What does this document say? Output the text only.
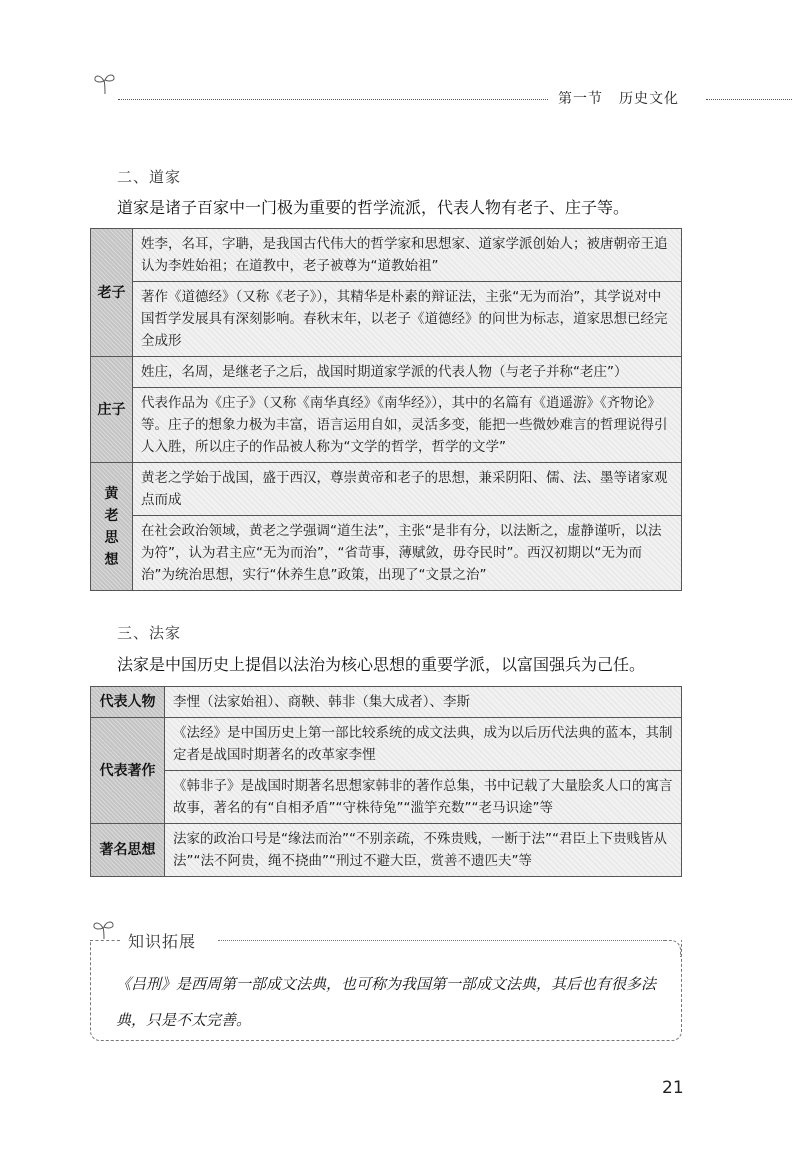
第一节 历史文化
二、道家
道家是诸子百家中一门极为重要的哲学流派，代表人物有老子、庄子等。
老子	姓李，名耳，字聃，是我国古代伟大的哲学家和思想家、道家学派创始人；被唐朝帝王追认为李姓始祖；在道教中，老子被尊为“道教始祖”
	著作《道德经》（又称《老子》），其精华是朴素的辩证法，主张“无为而治”，其学说对中国哲学发展具有深刻影响。春秋末年，以老子《道德经》的问世为标志，道家思想已经完全成形
庄子	姓庄，名周，是继老子之后，战国时期道家学派的代表人物（与老子并称“老庄”）
	代表作品为《庄子》（又称《南华真经》《南华经》），其中的名篇有《逍遥游》《齐物论》等。庄子的想象力极为丰富，语言运用自如，灵活多变，能把一些微妙难言的哲理说得引人入胜，所以庄子的作品被人称为“文学的哲学，哲学的文学”
黄老思想	黄老之学始于战国，盛于西汉，尊崇黄帝和老子的思想，兼采阴阳、儒、法、墨等诸家观点而成
	在社会政治领域，黄老之学强调“道生法”，主张“是非有分，以法断之，虚静谨听，以法为符”，认为君主应“无为而治”，“省苛事，薄赋敛，毋夺民时”。西汉初期以“无为而治”为统治思想，实行“休养生息”政策，出现了“文景之治”
三、法家
法家是中国历史上提倡以法治为核心思想的重要学派，以富国强兵为己任。
代表人物	李悝（法家始祖）、商鞅、韩非（集大成者）、李斯
代表著作	《法经》是中国历史上第一部比较系统的成文法典，成为以后历代法典的蓝本，其制定者是战国时期著名的改革家李悝
	《韩非子》是战国时期著名思想家韩非的著作总集，书中记载了大量脍炙人口的寓言故事，著名的有“自相矛盾”“守株待兔”“滥竽充数”“老马识途”等
著名思想	法家的政治口号是“缘法而治”“不别亲疏，不殊贵贱，一断于法”“君臣上下贵贱皆从法”“法不阿贵，绳不挠曲”“刑过不避大臣，赏善不遗匹夫”等
知识拓展
《吕刑》是西周第一部成文法典，也可称为我国第一部成文法典，其后也有很多法典，只是不太完善。
21
